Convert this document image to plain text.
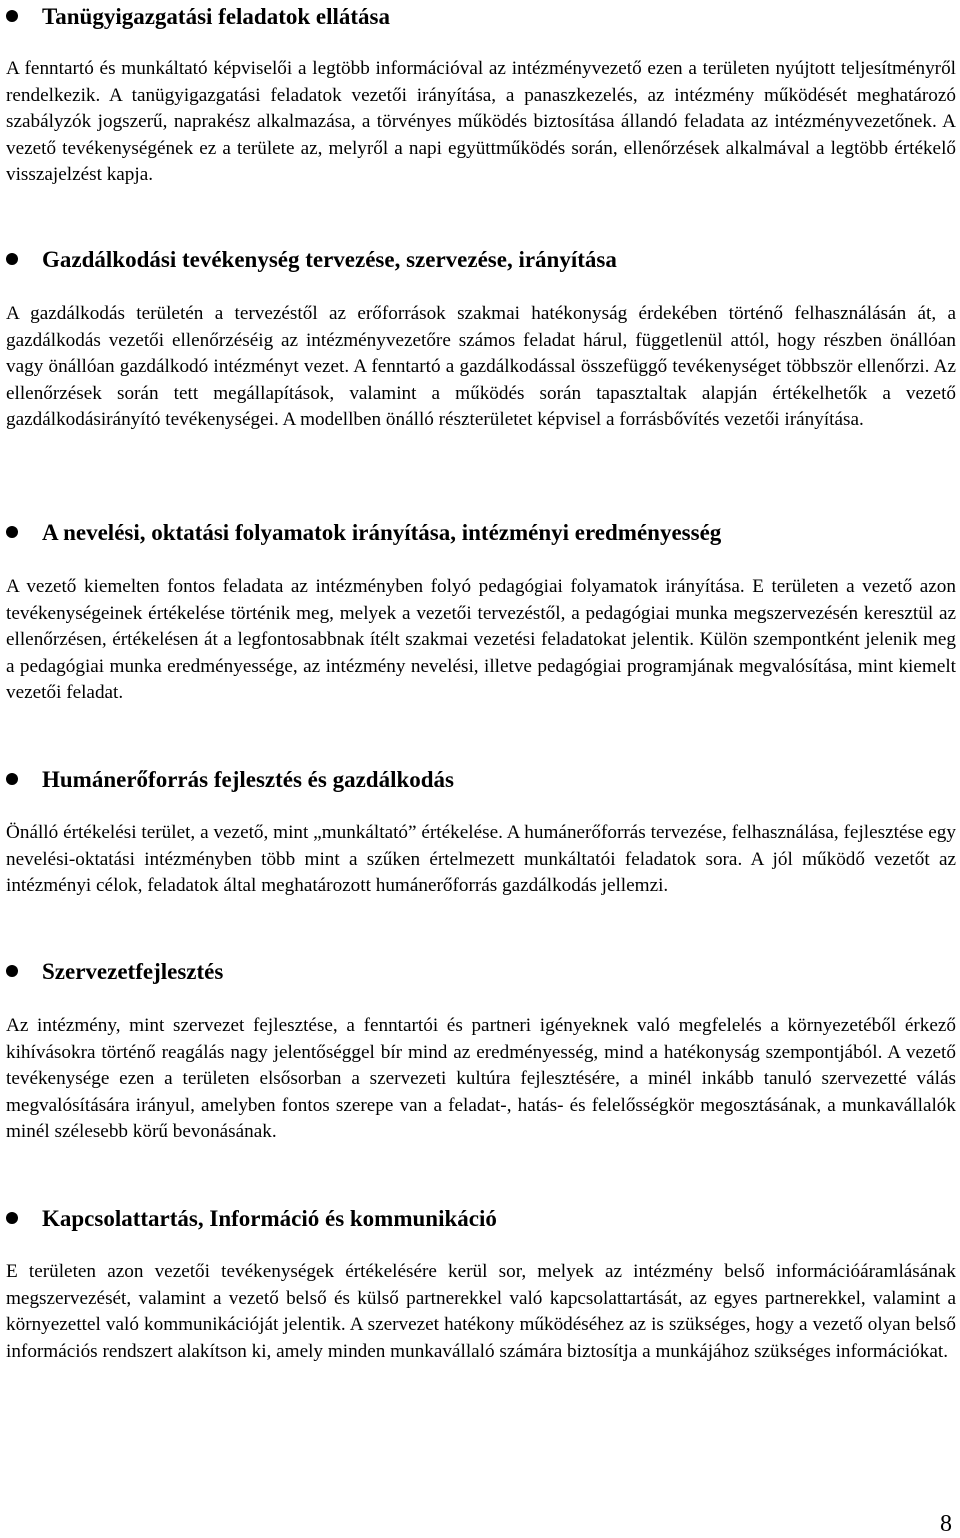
Tanügyigazgatási feladatok ellátása

A fenntartó és munkáltató képviselői a legtöbb információval az intézményvezető ezen a területen nyújtott teljesítményről rendelkezik. A tanügyigazgatási feladatok vezetői irányítása, a panaszkezelés, az intézmény működését meghatározó szabályzók jogszerű, naprakész alkalmazása, a törvényes működés biztosítása állandó feladata az intézményvezetőnek. A vezető tevékenységének ez a területe az, melyről a napi együttműködés során, ellenőrzések alkalmával a legtöbb értékelő visszajelzést kapja.

Gazdálkodási tevékenység tervezése, szervezése, irányítása

A gazdálkodás területén a tervezéstől az erőforrások szakmai hatékonyság érdekében történő felhasználásán át, a gazdálkodás vezetői ellenőrzéséig az intézményvezetőre számos feladat hárul, függetlenül attól, hogy részben önállóan vagy önállóan gazdálkodó intézményt vezet. A fenntartó a gazdálkodással összefüggő tevékenységet többször ellenőrzi. Az ellenőrzések során tett megállapítások, valamint a működés során tapasztaltak alapján értékelhetők a vezető gazdálkodásirányító tevékenységei. A modellben önálló részterületet képvisel a forrásbővítés vezetői irányítása.

A nevelési, oktatási folyamatok irányítása, intézményi eredményesség

A vezető kiemelten fontos feladata az intézményben folyó pedagógiai folyamatok irányítása. E területen a vezető azon tevékenységeinek értékelése történik meg, melyek a vezetői tervezéstől, a pedagógiai munka megszervezésén keresztül az ellenőrzésen, értékelésen át a legfontosabbnak ítélt szakmai vezetési feladatokat jelentik. Külön szempontként jelenik meg a pedagógiai munka eredményessége, az intézmény nevelési, illetve pedagógiai programjának megvalósítása, mint kiemelt vezetői feladat.

Humánerőforrás fejlesztés és gazdálkodás

Önálló értékelési terület, a vezető, mint „munkáltató” értékelése. A humánerőforrás tervezése, felhasználása, fejlesztése egy nevelési-oktatási intézményben több mint a szűken értelmezett munkáltatói feladatok sora. A jól működő vezetőt az intézményi célok, feladatok által meghatározott humánerőforrás gazdálkodás jellemzi.

Szervezetfejlesztés

Az intézmény, mint szervezet fejlesztése, a fenntartói és partneri igényeknek való megfelelés a környezetéből érkező kihívásokra történő reagálás nagy jelentőséggel bír mind az eredményesség, mind a hatékonyság szempontjából. A vezető tevékenysége ezen a területen elsősorban a szervezeti kultúra fejlesztésére, a minél inkább tanuló szervezetté válás megvalósítására irányul, amelyben fontos szerepe van a feladat-, hatás- és felelősségkör megosztásának, a munkavállalók minél szélesebb körű bevonásának.

Kapcsolattartás, Információ és kommunikáció

E területen azon vezetői tevékenységek értékelésére kerül sor, melyek az intézmény belső információáramlásának megszervezését, valamint a vezető belső és külső partnerekkel való kapcsolattartását, az egyes partnerekkel, valamint a környezettel való kommunikációját jelentik. A szervezet hatékony működéséhez az is szükséges, hogy a vezető olyan belső információs rendszert alakítson ki, amely minden munkavállaló számára biztosítja a munkájához szükséges információkat.

8
